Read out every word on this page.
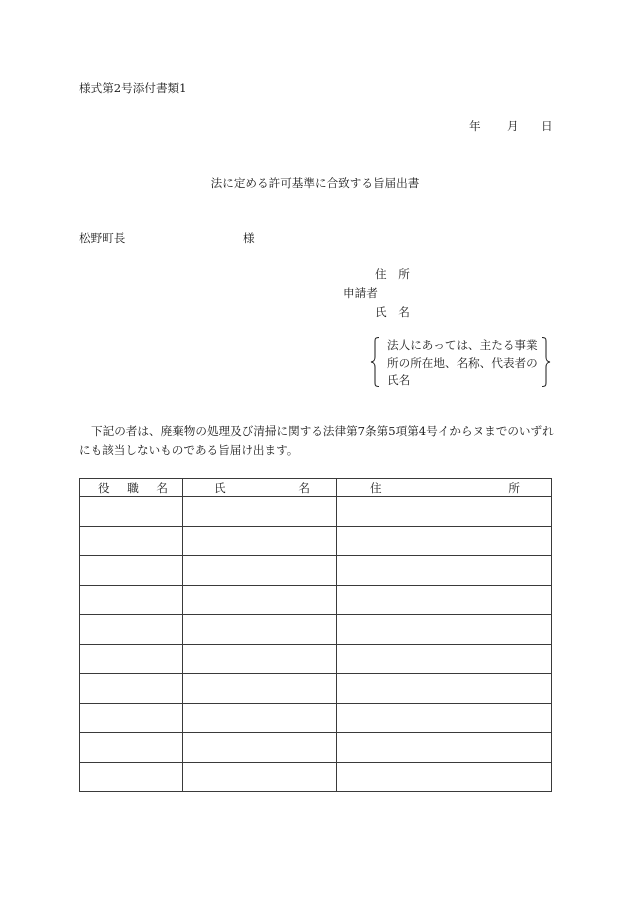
様式第2号添付書類1
年 月 日
法に定める許可基準に合致する旨届出書
松野町長	様
住　所
申請者
氏　名
法人にあっては、主たる事業
所の所在地、名称、代表者の
氏名
下記の者は、廃棄物の処理及び清掃に関する法律第7条第5項第4号イからヌまでのいずれ
にも該当しないものである旨届け出ます。
役　職　名	氏　　　　名	住　　　　　　　所
